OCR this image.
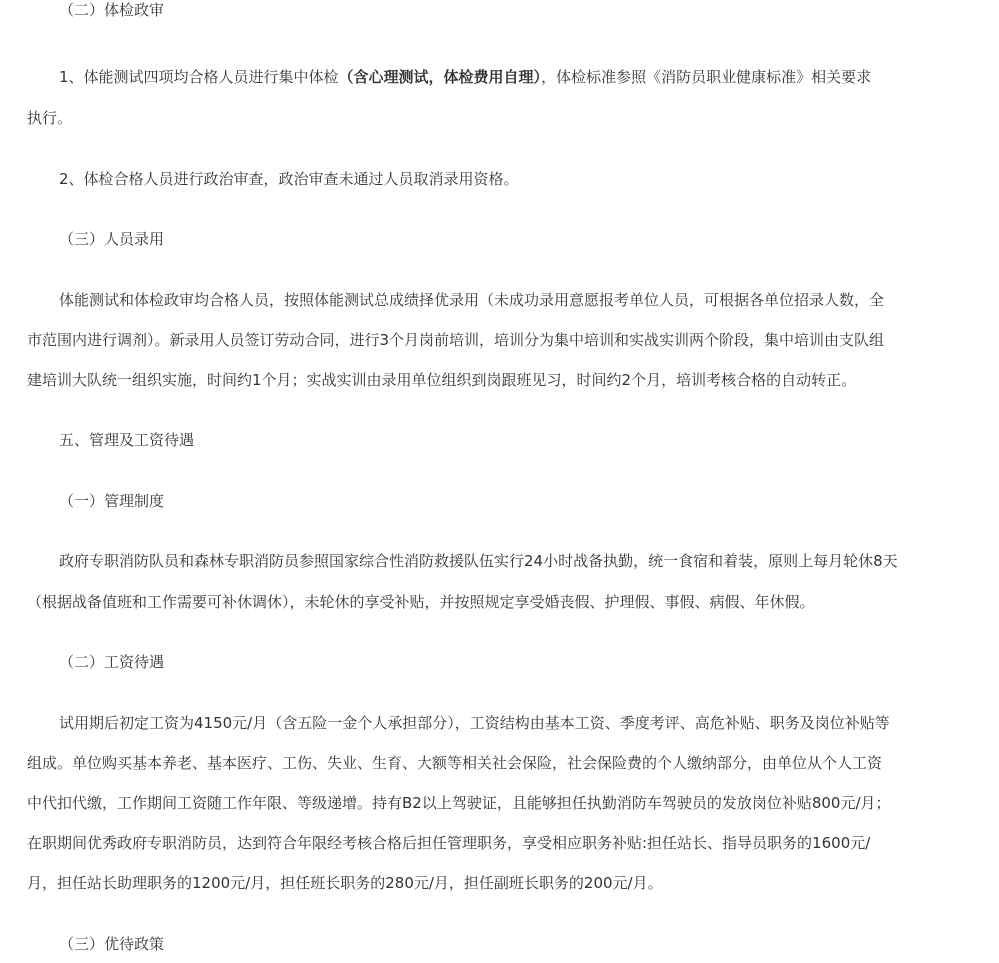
（二）体检政审
1、体能测试四项均合格人员进行集中体检（含心理测试，体检费用自理），体检标准参照《消防员职业健康标准》相关要求
执行。
2、体检合格人员进行政治审查，政治审查未通过人员取消录用资格。
（三）人员录用
体能测试和体检政审均合格人员，按照体能测试总成绩择优录用（未成功录用意愿报考单位人员，可根据各单位招录人数，全
市范围内进行调剂）。新录用人员签订劳动合同，进行3个月岗前培训，培训分为集中培训和实战实训两个阶段，集中培训由支队组
建培训大队统一组织实施，时间约1个月；实战实训由录用单位组织到岗跟班见习，时间约2个月，培训考核合格的自动转正。
五、管理及工资待遇
（一）管理制度
政府专职消防队员和森林专职消防员参照国家综合性消防救援队伍实行24小时战备执勤，统一食宿和着装，原则上每月轮休8天
（根据战备值班和工作需要可补休调休），未轮休的享受补贴，并按照规定享受婚丧假、护理假、事假、病假、年休假。
（二）工资待遇
试用期后初定工资为4150元/月（含五险一金个人承担部分），工资结构由基本工资、季度考评、高危补贴、职务及岗位补贴等
组成。单位购买基本养老、基本医疗、工伤、失业、生育、大额等相关社会保险，社会保险费的个人缴纳部分，由单位从个人工资
中代扣代缴，工作期间工资随工作年限、等级递增。持有B2以上驾驶证，且能够担任执勤消防车驾驶员的发放岗位补贴800元/月；
在职期间优秀政府专职消防员，达到符合年限经考核合格后担任管理职务，享受相应职务补贴:担任站长、指导员职务的1600元/
月，担任站长助理职务的1200元/月，担任班长职务的280元/月，担任副班长职务的200元/月。
（三）优待政策
